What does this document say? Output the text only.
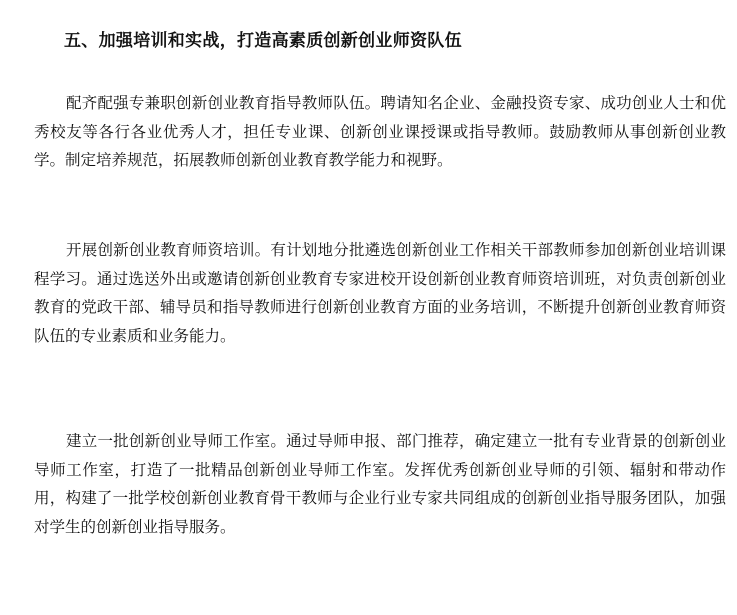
五、加强培训和实战，打造高素质创新创业师资队伍

配齐配强专兼职创新创业教育指导教师队伍。聘请知名企业、金融投资专家、成功创业人士和优秀校友等各行各业优秀人才，担任专业课、创新创业课授课或指导教师。鼓励教师从事创新创业教学。制定培养规范，拓展教师创新创业教育教学能力和视野。

开展创新创业教育师资培训。有计划地分批遴选创新创业工作相关干部教师参加创新创业培训课程学习。通过选送外出或邀请创新创业教育专家进校开设创新创业教育师资培训班，对负责创新创业教育的党政干部、辅导员和指导教师进行创新创业教育方面的业务培训，不断提升创新创业教育师资队伍的专业素质和业务能力。

建立一批创新创业导师工作室。通过导师申报、部门推荐，确定建立一批有专业背景的创新创业导师工作室，打造了一批精品创新创业导师工作室。发挥优秀创新创业导师的引领、辐射和带动作用，构建了一批学校创新创业教育骨干教师与企业行业专家共同组成的创新创业指导服务团队，加强对学生的创新创业指导服务。
